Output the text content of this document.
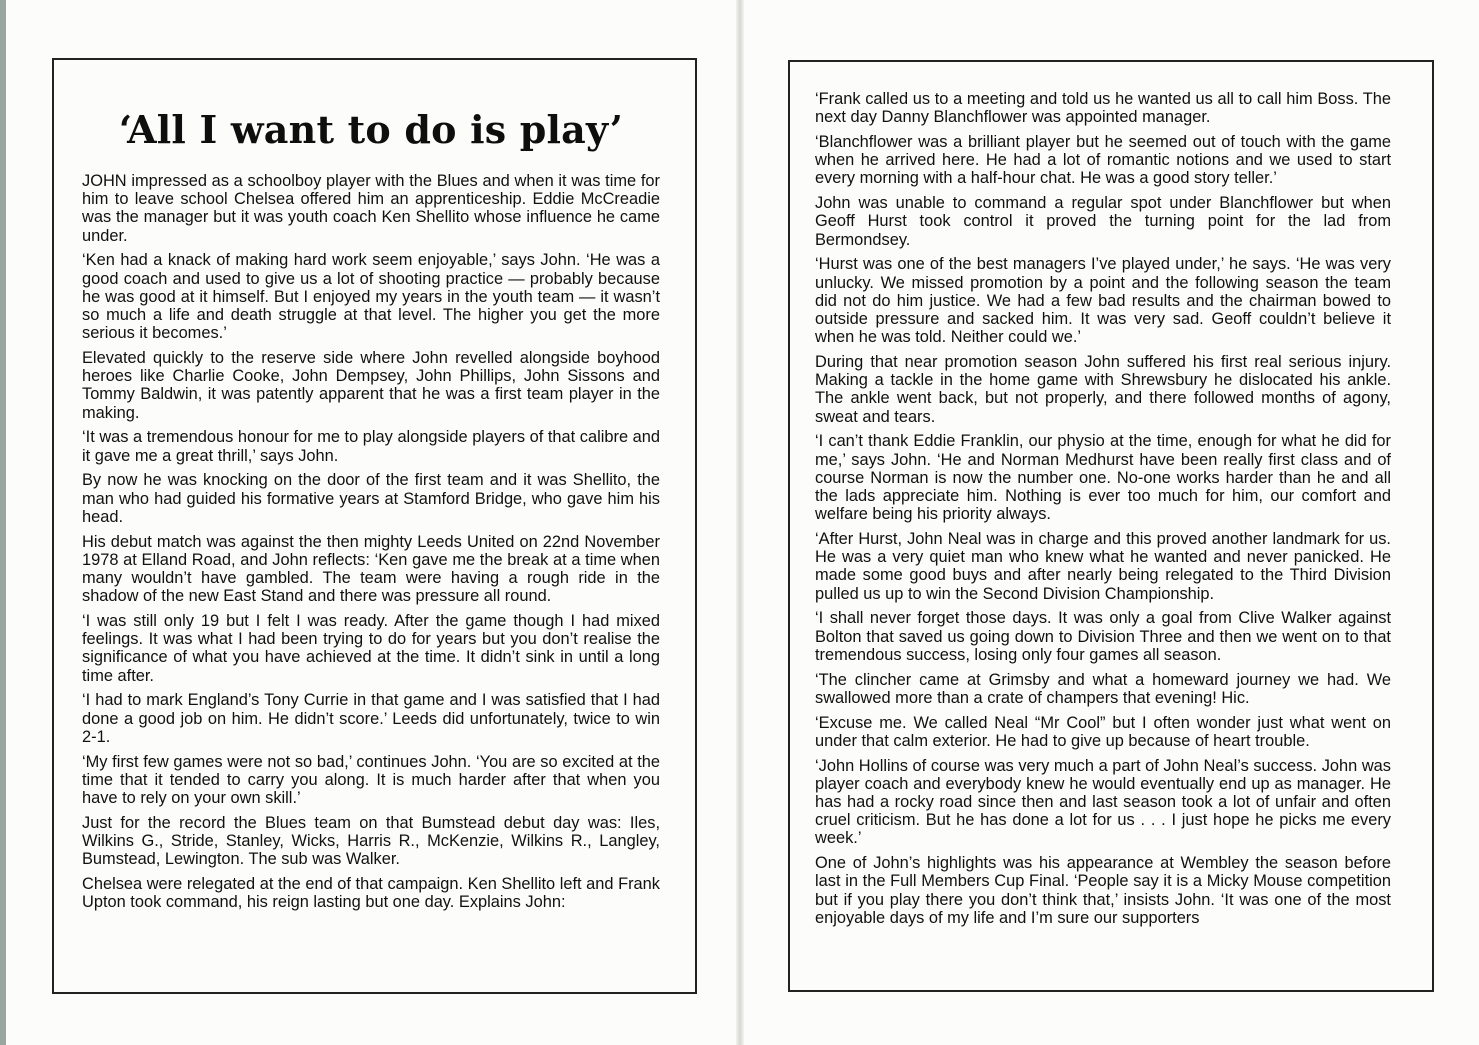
‘All I want to do is play’

JOHN impressed as a schoolboy player with the Blues and when it was time for him to leave school Chelsea offered him an apprenticeship. Eddie McCreadie was the manager but it was youth coach Ken Shellito whose influence he came under.

‘Ken had a knack of making hard work seem enjoyable,’ says John. ‘He was a good coach and used to give us a lot of shooting practice — probably because he was good at it himself. But I enjoyed my years in the youth team — it wasn’t so much a life and death struggle at that level. The higher you get the more serious it becomes.’

Elevated quickly to the reserve side where John revelled alongside boyhood heroes like Charlie Cooke, John Dempsey, John Phillips, John Sissons and Tommy Baldwin, it was patently apparent that he was a first team player in the making.

‘It was a tremendous honour for me to play alongside players of that calibre and it gave me a great thrill,’ says John.

By now he was knocking on the door of the first team and it was Shellito, the man who had guided his formative years at Stamford Bridge, who gave him his head.

His debut match was against the then mighty Leeds United on 22nd November 1978 at Elland Road, and John reflects: ‘Ken gave me the break at a time when many wouldn’t have gambled. The team were having a rough ride in the shadow of the new East Stand and there was pressure all round.

‘I was still only 19 but I felt I was ready. After the game though I had mixed feelings. It was what I had been trying to do for years but you don’t realise the significance of what you have achieved at the time. It didn’t sink in until a long time after.

‘I had to mark England’s Tony Currie in that game and I was satisfied that I had done a good job on him. He didn’t score.’ Leeds did unfortunately, twice to win 2-1.

‘My first few games were not so bad,’ continues John. ‘You are so excited at the time that it tended to carry you along. It is much harder after that when you have to rely on your own skill.’

Just for the record the Blues team on that Bumstead debut day was: Iles, Wilkins G., Stride, Stanley, Wicks, Harris R., McKenzie, Wilkins R., Langley, Bumstead, Lewington. The sub was Walker.

Chelsea were relegated at the end of that campaign. Ken Shellito left and Frank Upton took command, his reign lasting but one day. Explains John:

‘Frank called us to a meeting and told us he wanted us all to call him Boss. The next day Danny Blanchflower was appointed manager.

‘Blanchflower was a brilliant player but he seemed out of touch with the game when he arrived here. He had a lot of romantic notions and we used to start every morning with a half-hour chat. He was a good story teller.’

John was unable to command a regular spot under Blanchflower but when Geoff Hurst took control it proved the turning point for the lad from Bermondsey.

‘Hurst was one of the best managers I’ve played under,’ he says. ‘He was very unlucky. We missed promotion by a point and the following season the team did not do him justice. We had a few bad results and the chairman bowed to outside pressure and sacked him. It was very sad. Geoff couldn’t believe it when he was told. Neither could we.’

During that near promotion season John suffered his first real serious injury. Making a tackle in the home game with Shrewsbury he dislocated his ankle. The ankle went back, but not properly, and there followed months of agony, sweat and tears.

‘I can’t thank Eddie Franklin, our physio at the time, enough for what he did for me,’ says John. ‘He and Norman Medhurst have been really first class and of course Norman is now the number one. No-one works harder than he and all the lads appreciate him. Nothing is ever too much for him, our comfort and welfare being his priority always.

‘After Hurst, John Neal was in charge and this proved another landmark for us. He was a very quiet man who knew what he wanted and never panicked. He made some good buys and after nearly being relegated to the Third Division pulled us up to win the Second Division Championship.

‘I shall never forget those days. It was only a goal from Clive Walker against Bolton that saved us going down to Division Three and then we went on to that tremendous success, losing only four games all season.

‘The clincher came at Grimsby and what a homeward journey we had. We swallowed more than a crate of champers that evening! Hic.

‘Excuse me. We called Neal “Mr Cool” but I often wonder just what went on under that calm exterior. He had to give up because of heart trouble.

‘John Hollins of course was very much a part of John Neal’s success. John was player coach and everybody knew he would eventually end up as manager. He has had a rocky road since then and last season took a lot of unfair and often cruel criticism. But he has done a lot for us . . . I just hope he picks me every week.’

One of John’s highlights was his appearance at Wembley the season before last in the Full Members Cup Final. ‘People say it is a Micky Mouse competition but if you play there you don’t think that,’ insists John. ‘It was one of the most enjoyable days of my life and I’m sure our supporters
